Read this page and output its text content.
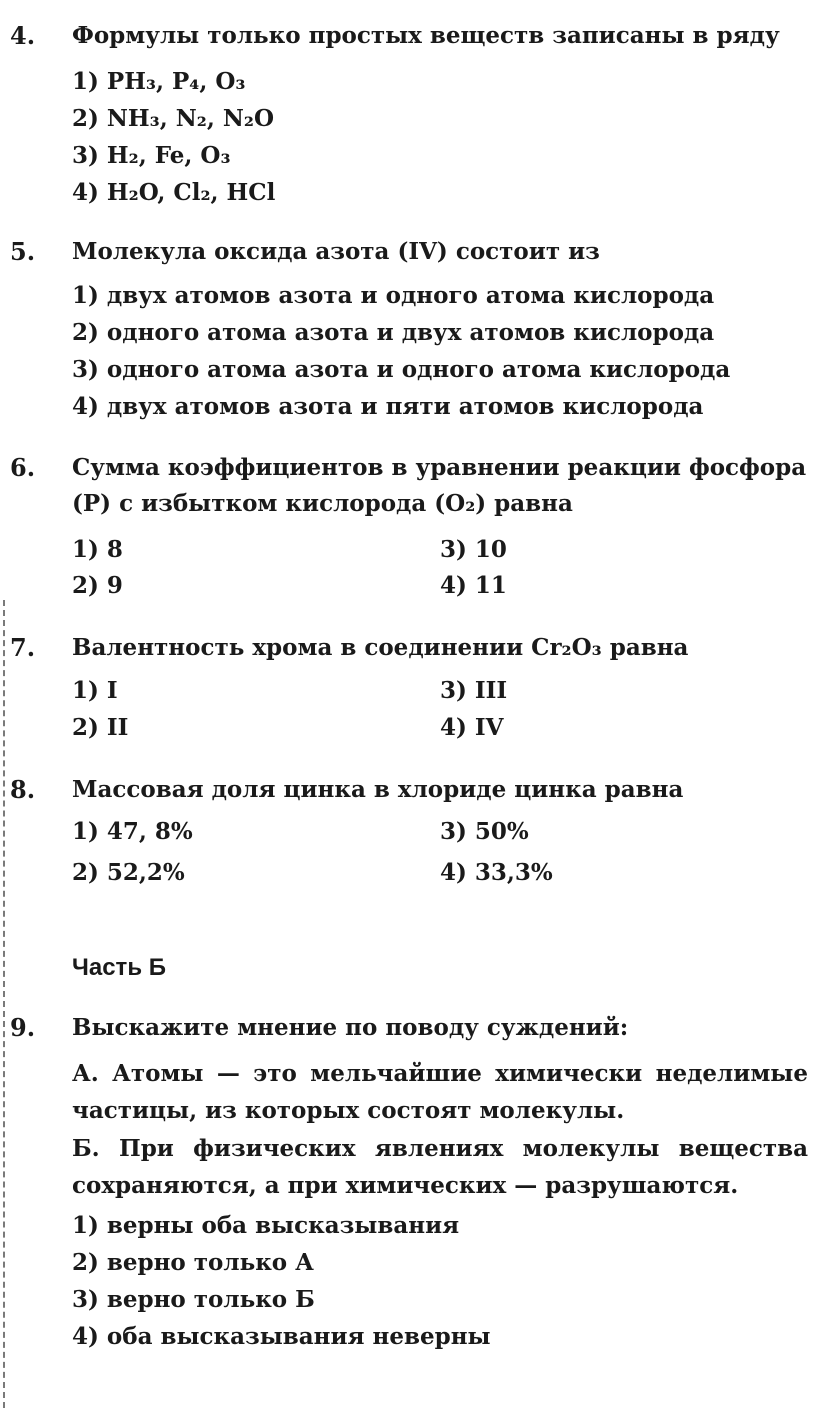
4. Формулы только простых веществ записаны в ряду
1) PH₃, P₄, O₃
2) NH₃, N₂, N₂O
3) H₂, Fe, O₃
4) H₂O, Cl₂, HCl
5. Молекула оксида азота (IV) состоит из
1) двух атомов азота и одного атома кислорода
2) одного атома азота и двух атомов кислорода
3) одного атома азота и одного атома кислорода
4) двух атомов азота и пяти атомов кислорода
6. Сумма коэффициентов в уравнении реакции фосфора (P) с избытком кислорода (O₂) равна
1) 8
2) 9
3) 10
4) 11
7. Валентность хрома в соединении Cr₂O₃ равна
1) I
2) II
3) III
4) IV
8. Массовая доля цинка в хлориде цинка равна
1) 47, 8%
2) 52,2%
3) 50%
4) 33,3%
Часть Б
9. Выскажите мнение по поводу суждений:
А. Атомы — это мельчайшие химически неделимые частицы, из которых состоят молекулы.
Б. При физических явлениях молекулы вещества сохраняются, а при химических — разрушаются.
1) верны оба высказывания
2) верно только А
3) верно только Б
4) оба высказывания неверны
